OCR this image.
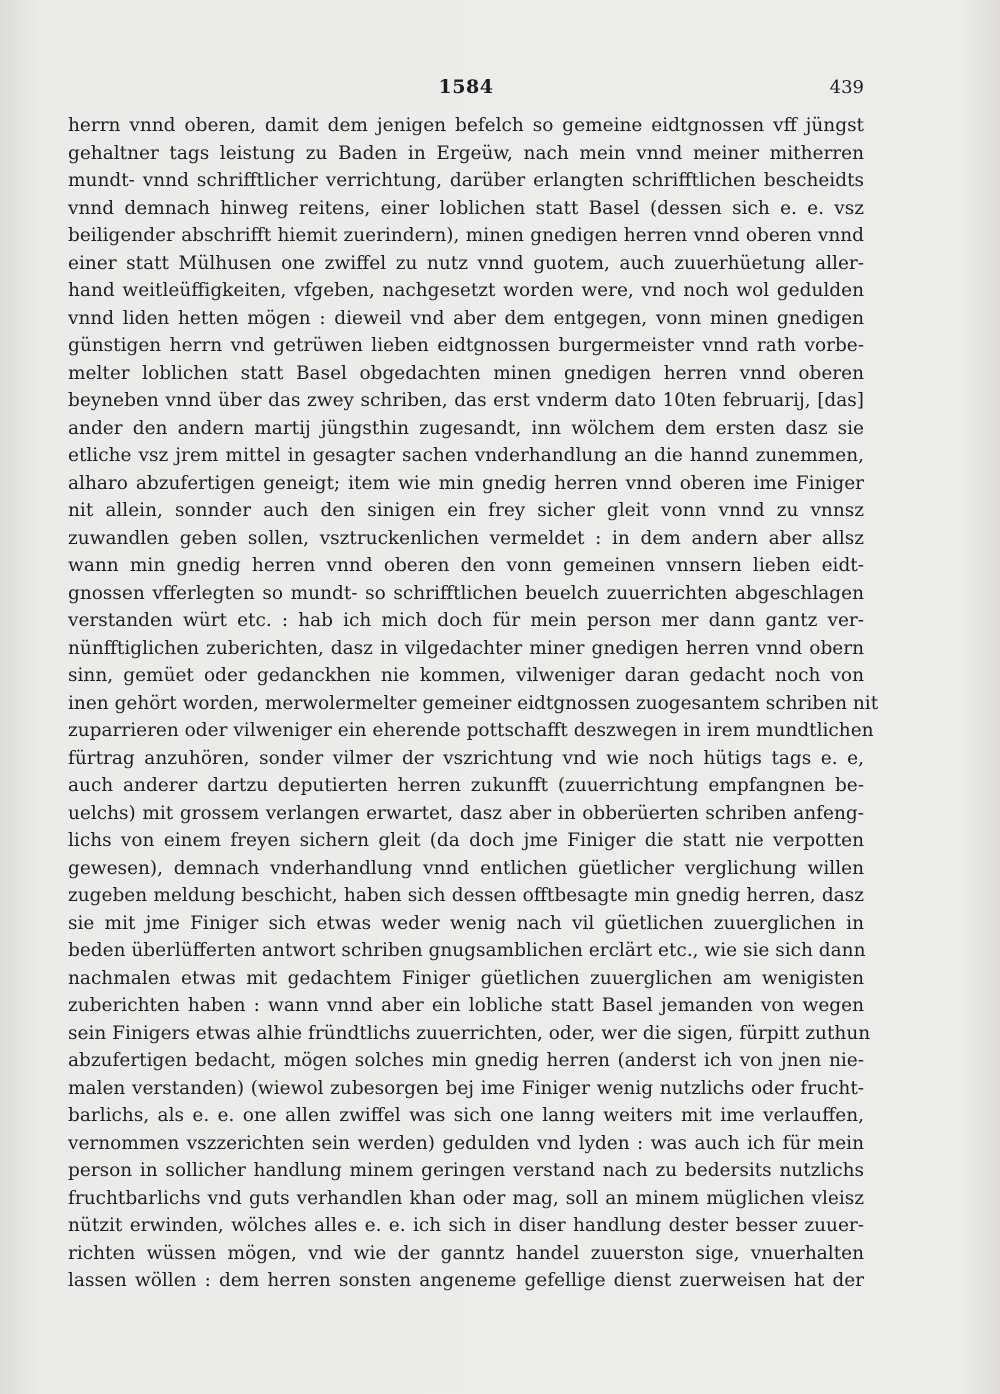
1584	439
herrn vnnd oberen, damit dem jenigen befelch so gemeine eidtgnossen vff jüngst
gehaltner tags leistung zu Baden in Ergeüw, nach mein vnnd meiner mitherren
mundt- vnnd schrifftlicher verrichtung, darüber erlangten schrifftlichen bescheidts
vnnd demnach hinweg reitens, einer loblichen statt Basel (dessen sich e. e. vsz
beiligender abschrifft hiemit zuerindern), minen gnedigen herren vnnd oberen vnnd
einer statt Mülhusen one zwiffel zu nutz vnnd guotem, auch zuuerhüetung aller-
hand weitleüffigkeiten, vfgeben, nachgesetzt worden were, vnd noch wol gedulden
vnnd liden hetten mögen : dieweil vnd aber dem entgegen, vonn minen gnedigen
günstigen herrn vnd getrüwen lieben eidtgnossen burgermeister vnnd rath vorbe-
melter loblichen statt Basel obgedachten minen gnedigen herren vnnd oberen
beyneben vnnd über das zwey schriben, das erst vnderm dato 10ten februarij, [das]
ander den andern martij jüngsthin zugesandt, inn wölchem dem ersten dasz sie
etliche vsz jrem mittel in gesagter sachen vnderhandlung an die hannd zunemmen,
alharo abzufertigen geneigt; item wie min gnedig herren vnnd oberen ime Finiger
nit allein, sonnder auch den sinigen ein frey sicher gleit vonn vnnd zu vnnsz
zuwandlen geben sollen, vsztruckenlichen vermeldet : in dem andern aber allsz
wann min gnedig herren vnnd oberen den vonn gemeinen vnnsern lieben eidt-
gnossen vfferlegten so mundt- so schrifftlichen beuelch zuuerrichten abgeschlagen
verstanden würt etc. : hab ich mich doch für mein person mer dann gantz ver-
nünfftiglichen zuberichten, dasz in vilgedachter miner gnedigen herren vnnd obern
sinn, gemüet oder gedanckhen nie kommen, vilweniger daran gedacht noch von
inen gehört worden, merwolermelter gemeiner eidtgnossen zuogesantem schriben nit
zuparrieren oder vilweniger ein eherende pottschafft deszwegen in irem mundtlichen
fürtrag anzuhören, sonder vilmer der vszrichtung vnd wie noch hütigs tags e. e,
auch anderer dartzu deputierten herren zukunfft (zuuerrichtung empfangnen be-
uelchs) mit grossem verlangen erwartet, dasz aber in obberüerten schriben anfeng-
lichs von einem freyen sichern gleit (da doch jme Finiger die statt nie verpotten
gewesen), demnach vnderhandlung vnnd entlichen güetlicher verglichung willen
zugeben meldung beschicht, haben sich dessen offtbesagte min gnedig herren, dasz
sie mit jme Finiger sich etwas weder wenig nach vil güetlichen zuuerglichen in
beden überlüfferten antwort schriben gnugsamblichen erclärt etc., wie sie sich dann
nachmalen etwas mit gedachtem Finiger güetlichen zuuerglichen am wenigisten
zuberichten haben : wann vnnd aber ein lobliche statt Basel jemanden von wegen
sein Finigers etwas alhie fründtlichs zuuerrichten, oder, wer die sigen, fürpitt zuthun
abzufertigen bedacht, mögen solches min gnedig herren (anderst ich von jnen nie-
malen verstanden) (wiewol zubesorgen bej ime Finiger wenig nutzlichs oder frucht-
barlichs, als e. e. one allen zwiffel was sich one lanng weiters mit ime verlauffen,
vernommen vszzerichten sein werden) gedulden vnd lyden : was auch ich für mein
person in sollicher handlung minem geringen verstand nach zu bedersits nutzlichs
fruchtbarlichs vnd guts verhandlen khan oder mag, soll an minem müglichen vleisz
nützit erwinden, wölches alles e. e. ich sich in diser handlung dester besser zuuer-
richten wüssen mögen, vnd wie der ganntz handel zuuerston sige, vnuerhalten
lassen wöllen : dem herren sonsten angeneme gefellige dienst zuerweisen hat der
